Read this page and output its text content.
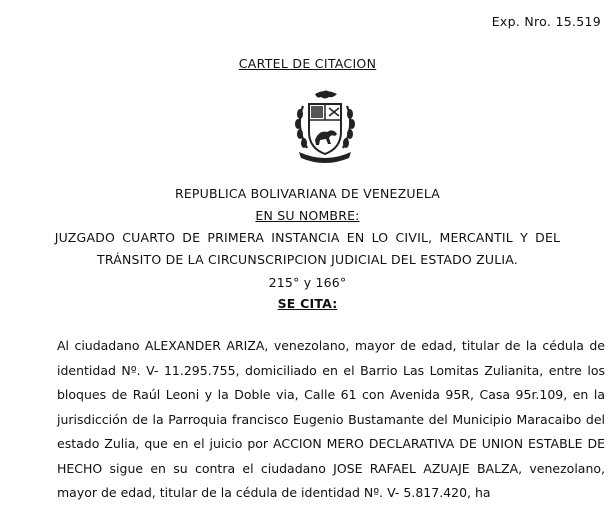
Exp. Nro. 15.519
CARTEL DE CITACION
REPUBLICA BOLIVARIANA DE VENEZUELA
EN SU NOMBRE:
JUZGADO CUARTO DE PRIMERA INSTANCIA EN LO CIVIL, MERCANTIL Y DEL
TRÁNSITO DE LA CIRCUNSCRIPCION JUDICIAL DEL ESTADO ZULIA.
215° y 166°
SE CITA:

Al ciudadano ALEXANDER ARIZA, venezolano, mayor de edad, titular de la cédula de identidad Nº. V- 11.295.755, domiciliado en el Barrio Las Lomitas Zulianita, entre los bloques de Raúl Leoni y la Doble via, Calle 61 con Avenida 95R, Casa 95r.109, en la jurisdicción de la Parroquia francisco Eugenio Bustamante del Municipio Maracaibo del estado Zulia, que en el juicio por ACCION MERO DECLARATIVA DE UNION ESTABLE DE HECHO sigue en su contra el ciudadano JOSE RAFAEL AZUAJE BALZA, venezolano, mayor de edad, titular de la cédula de identidad Nº. V- 5.817.420, ha
